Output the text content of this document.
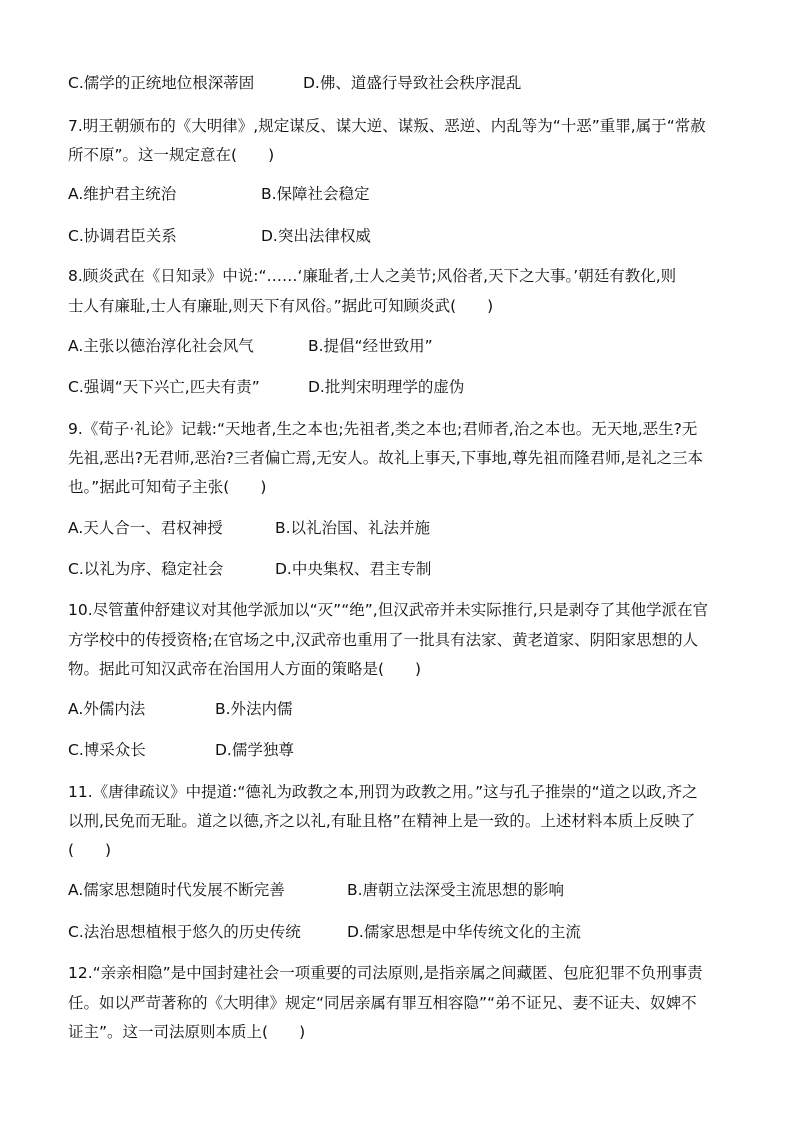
C.儒学的正统地位根深蒂固	D.佛、道盛行导致社会秩序混乱
7.明王朝颁布的《大明律》,规定谋反、谋大逆、谋叛、恶逆、内乱等为“十恶”重罪,属于“常赦
所不原”。这一规定意在(　　)
A.维护君主统治	B.保障社会稳定
C.协调君臣关系	D.突出法律权威
8.顾炎武在《日知录》中说:“……‘廉耻者,士人之美节;风俗者,天下之大事。’朝廷有教化,则
士人有廉耻,士人有廉耻,则天下有风俗。”据此可知顾炎武(　　)
A.主张以德治淳化社会风气	B.提倡“经世致用”
C.强调“天下兴亡,匹夫有责”	D.批判宋明理学的虚伪
9.《荀子·礼论》记载:“天地者,生之本也;先祖者,类之本也;君师者,治之本也。无天地,恶生?无
先祖,恶出?无君师,恶治?三者偏亡焉,无安人。故礼上事天,下事地,尊先祖而隆君师,是礼之三本
也。”据此可知荀子主张(　　)
A.天人合一、君权神授	B.以礼治国、礼法并施
C.以礼为序、稳定社会	D.中央集权、君主专制
10.尽管董仲舒建议对其他学派加以“灭”“绝”,但汉武帝并未实际推行,只是剥夺了其他学派在官
方学校中的传授资格;在官场之中,汉武帝也重用了一批具有法家、黄老道家、阴阳家思想的人
物。据此可知汉武帝在治国用人方面的策略是(　　)
A.外儒内法	B.外法内儒
C.博采众长	D.儒学独尊
11.《唐律疏议》中提道:“德礼为政教之本,刑罚为政教之用。”这与孔子推崇的“道之以政,齐之
以刑,民免而无耻。道之以德,齐之以礼,有耻且格”在精神上是一致的。上述材料本质上反映了
(　　)
A.儒家思想随时代发展不断完善	B.唐朝立法深受主流思想的影响
C.法治思想植根于悠久的历史传统	D.儒家思想是中华传统文化的主流
12.“亲亲相隐”是中国封建社会一项重要的司法原则,是指亲属之间藏匿、包庇犯罪不负刑事责
任。如以严苛著称的《大明律》规定“同居亲属有罪互相容隐”“弟不证兄、妻不证夫、奴婢不
证主”。这一司法原则本质上(　　)
